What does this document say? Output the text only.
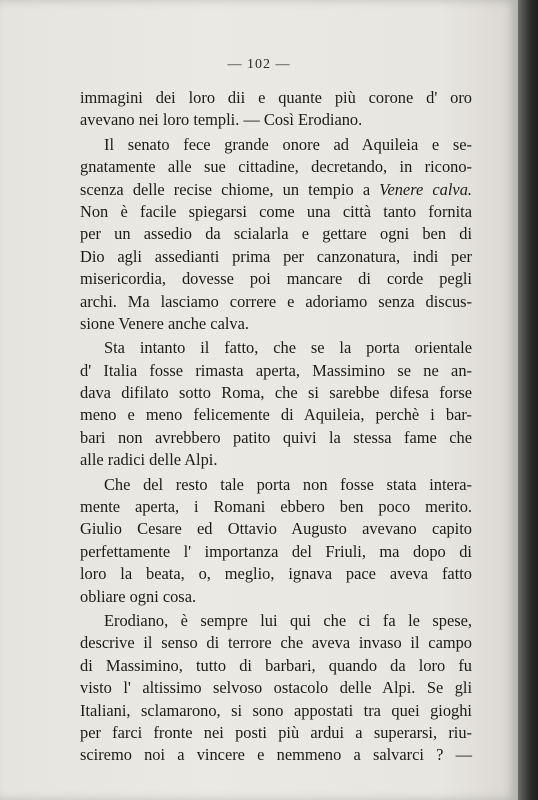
— 102 —
immagini dei loro dii e quante più corone d' oro
avevano nei loro templi. — Così Erodiano.
Il senato fece grande onore ad Aquileia e se-
gnatamente alle sue cittadine, decretando, in ricono-
scenza delle recise chiome, un tempio a Venere calva.
Non è facile spiegarsi come una città tanto fornita
per un assedio da scialarla e gettare ogni ben di
Dio agli assedianti prima per canzonatura, indi per
misericordia, dovesse poi mancare di corde pegli
archi. Ma lasciamo correre e adoriamo senza discus-
sione Venere anche calva.
Sta intanto il fatto, che se la porta orientale
d' Italia fosse rimasta aperta, Massimino se ne an-
dava difilato sotto Roma, che si sarebbe difesa forse
meno e meno felicemente di Aquileia, perchè i bar-
bari non avrebbero patito quivi la stessa fame che
alle radici delle Alpi.
Che del resto tale porta non fosse stata intera-
mente aperta, i Romani ebbero ben poco merito.
Giulio Cesare ed Ottavio Augusto avevano capito
perfettamente l' importanza del Friuli, ma dopo di
loro la beata, o, meglio, ignava pace aveva fatto
obliare ogni cosa.
Erodiano, è sempre lui qui che ci fa le spese,
descrive il senso di terrore che aveva invaso il campo
di Massimino, tutto di barbari, quando da loro fu
visto l' altissimo selvoso ostacolo delle Alpi. Se gli
Italiani, sclamarono, si sono appostati tra quei gioghi
per farci fronte nei posti più ardui a superarsi, riu-
sciremo noi a vincere e nemmeno a salvarci ? —
